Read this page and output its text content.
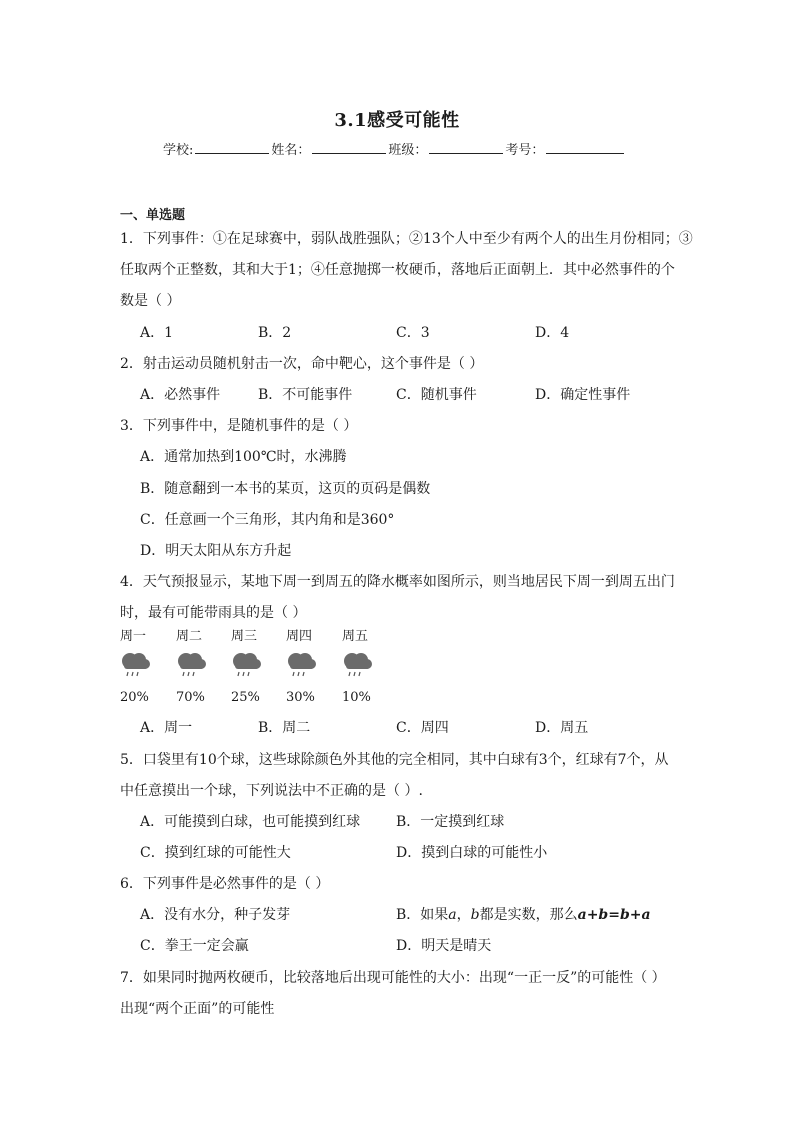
3.1感受可能性
学校:	姓名：	班级：	考号：
一、单选题
1．下列事件：①在足球赛中，弱队战胜强队；②13个人中至少有两个人的出生月份相同；③
任取两个正整数，其和大于1；④任意抛掷一枚硬币，落地后正面朝上．其中必然事件的个
数是（ ）
A．1	B．2	C．3	D．4
2．射击运动员随机射击一次，命中靶心，这个事件是（ ）
A．必然事件	B．不可能事件	C．随机事件	D．确定性事件
3．下列事件中，是随机事件的是（ ）
A．通常加热到100℃时，水沸腾
B．随意翻到一本书的某页，这页的页码是偶数
C．任意画一个三角形，其内角和是360°
D．明天太阳从东方升起
4．天气预报显示，某地下周一到周五的降水概率如图所示，则当地居民下周一到周五出门
时，最有可能带雨具的是（ ）
周一 周二 周三 周四 周五
20% 70% 25% 30% 10%
A．周一	B．周二	C．周四	D．周五
5．口袋里有10个球，这些球除颜色外其他的完全相同，其中白球有3个，红球有7个，从
中任意摸出一个球，下列说法中不正确的是（ ）.
A．可能摸到白球，也可能摸到红球	B．一定摸到红球
C．摸到红球的可能性大	D．摸到白球的可能性小
6．下列事件是必然事件的是（ ）
A．没有水分，种子发芽	B．如果a，b都是实数，那么a+b=b+a
C．拳王一定会赢	D．明天是晴天
7．如果同时抛两枚硬币，比较落地后出现可能性的大小：出现“一正一反”的可能性（ ）
出现“两个正面”的可能性
